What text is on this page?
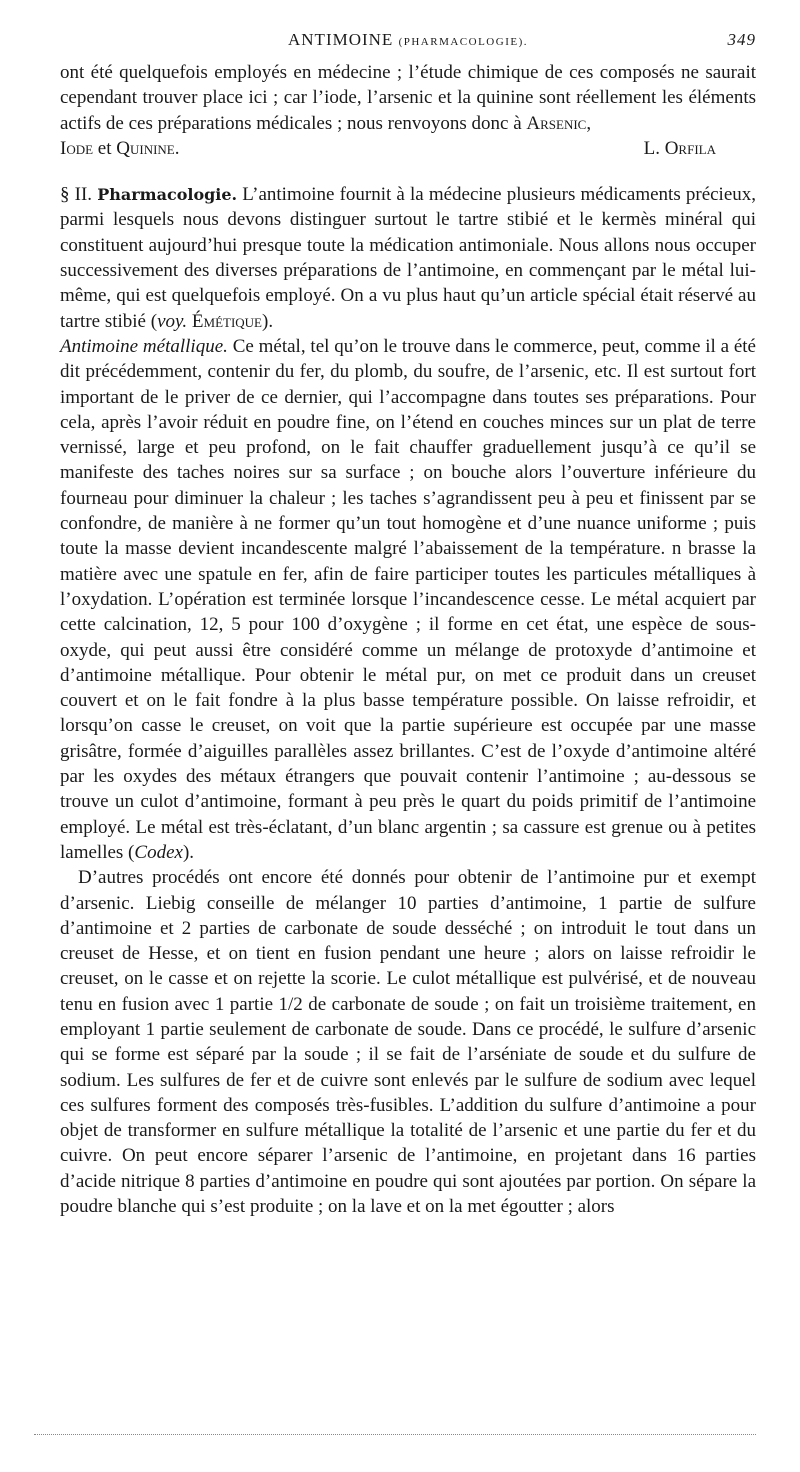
ANTIMOINE (PHARMACOLOGIE).	349

ont été quelquefois employés en médecine ; l’étude chimique de ces composés ne saurait cependant trouver place ici ; car l’iode, l’arsenic et la quinine sont réellement les éléments actifs de ces préparations médicales ; nous renvoyons donc à Arsenic,

Iode et Quinine.	L. Orfila

§ II. Pharmacologie. L’antimoine fournit à la médecine plusieurs médicaments précieux, parmi lesquels nous devons distinguer surtout le tartre stibié et le kermès minéral qui constituent aujourd’hui presque toute la médication antimoniale. Nous allons nous occuper successivement des diverses préparations de l’antimoine, en commençant par le métal lui-même, qui est quelquefois employé. On a vu plus haut qu’un article spécial était réservé au tartre stibié (voy. Émétique).

Antimoine métallique. Ce métal, tel qu’on le trouve dans le commerce, peut, comme il a été dit précédemment, contenir du fer, du plomb, du soufre, de l’arsenic, etc. Il est surtout fort important de le priver de ce dernier, qui l’accompagne dans toutes ses préparations. Pour cela, après l’avoir réduit en poudre fine, on l’étend en couches minces sur un plat de terre vernissé, large et peu profond, on le fait chauffer graduellement jusqu’à ce qu’il se manifeste des taches noires sur sa surface ; on bouche alors l’ouverture inférieure du fourneau pour diminuer la chaleur ; les taches s’agrandissent peu à peu et finissent par se confondre, de manière à ne former qu’un tout homogène et d’une nuance uniforme ; puis toute la masse devient incandescente malgré l’abaissement de la température. n brasse la matière avec une spatule en fer, afin de faire participer toutes les particules métalliques à l’oxydation. L’opération est terminée lorsque l’incandescence cesse. Le métal acquiert par cette calcination, 12, 5 pour 100 d’oxygène ; il forme en cet état, une espèce de sous-oxyde, qui peut aussi être considéré comme un mélange de protoxyde d’antimoine et d’antimoine métallique. Pour obtenir le métal pur, on met ce produit dans un creuset couvert et on le fait fondre à la plus basse température possible. On laisse refroidir, et lorsqu’on casse le creuset, on voit que la partie supérieure est occupée par une masse grisâtre, formée d’aiguilles parallèles assez brillantes. C’est de l’oxyde d’antimoine altéré par les oxydes des métaux étrangers que pouvait contenir l’antimoine ; au-dessous se trouve un culot d’antimoine, formant à peu près le quart du poids primitif de l’antimoine employé. Le métal est très-éclatant, d’un blanc argentin ; sa cassure est grenue ou à petites lamelles (Codex).

D’autres procédés ont encore été donnés pour obtenir de l’antimoine pur et exempt d’arsenic. Liebig conseille de mélanger 10 parties d’antimoine, 1 partie de sulfure d’antimoine et 2 parties de carbonate de soude desséché ; on introduit le tout dans un creuset de Hesse, et on tient en fusion pendant une heure ; alors on laisse refroidir le creuset, on le casse et on rejette la scorie. Le culot métallique est pulvérisé, et de nouveau tenu en fusion avec 1 partie 1/2 de carbonate de soude ; on fait un troisième traitement, en employant 1 partie seulement de carbonate de soude. Dans ce procédé, le sulfure d’arsenic qui se forme est séparé par la soude ; il se fait de l’arséniate de soude et du sulfure de sodium. Les sulfures de fer et de cuivre sont enlevés par le sulfure de sodium avec lequel ces sulfures forment des composés très-fusibles. L’addition du sulfure d’antimoine a pour objet de transformer en sulfure métallique la totalité de l’arsenic et une partie du fer et du cuivre. On peut encore séparer l’arsenic de l’antimoine, en projetant dans 16 parties d’acide nitrique 8 parties d’antimoine en poudre qui sont ajoutées par portion. On sépare la poudre blanche qui s’est produite ; on la lave et on la met égoutter ; alors
